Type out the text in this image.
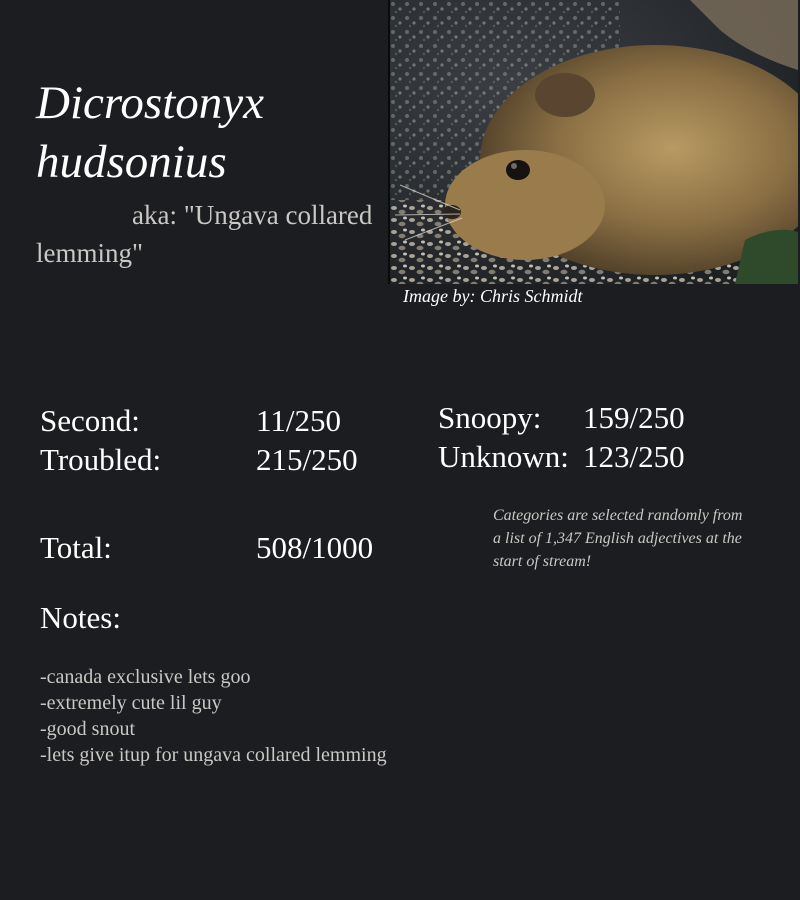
Dicrostonyx hudsonius

aka: "Ungava collared lemming"

Image by: Chris Schmidt

Second:	11/250
Troubled:	215/250
Snoopy: 159/250
Unknown: 123/250
Total:	508/1000

Categories are selected randomly from a list of 1,347 English adjectives at the start of stream!

Notes:
-canada exclusive lets goo
-extremely cute lil guy
-good snout
-lets give itup for ungava collared lemming
